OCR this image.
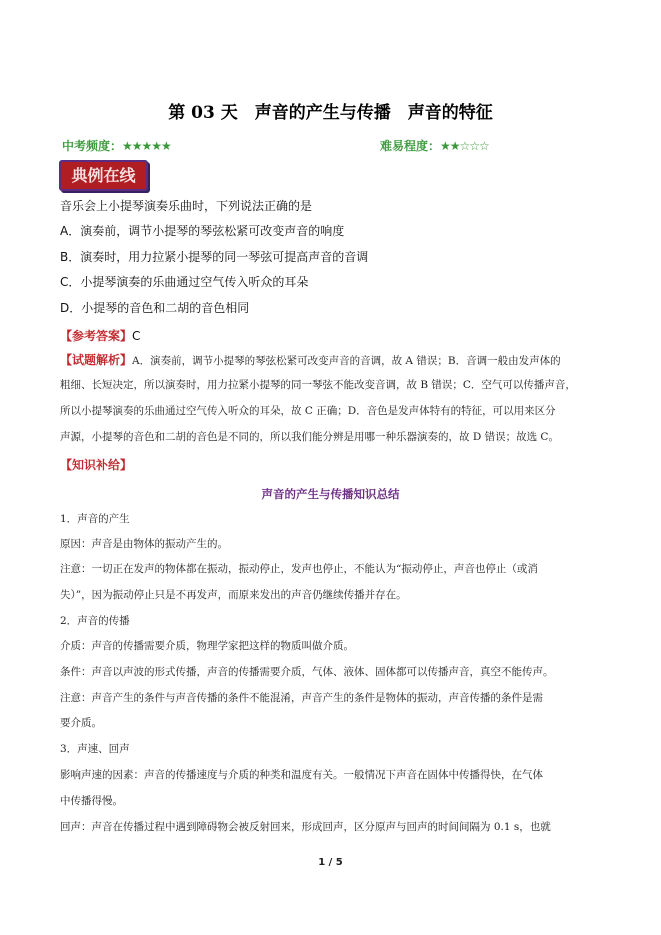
第 03 天　声音的产生与传播　声音的特征
中考频度：★★★★★	难易程度：★★☆☆☆
典例在线
音乐会上小提琴演奏乐曲时，下列说法正确的是
A．演奏前，调节小提琴的琴弦松紧可改变声音的响度
B．演奏时，用力拉紧小提琴的同一琴弦可提高声音的音调
C．小提琴演奏的乐曲通过空气传入听众的耳朵
D．小提琴的音色和二胡的音色相同
【参考答案】C
【试题解析】A．演奏前，调节小提琴的琴弦松紧可改变声音的音调，故 A 错误；B．音调一般由发声体的
粗细、长短决定，所以演奏时，用力拉紧小提琴的同一琴弦不能改变音调，故 B 错误；C．空气可以传播声音，
所以小提琴演奏的乐曲通过空气传入听众的耳朵，故 C 正确；D．音色是发声体特有的特征，可以用来区分
声源，小提琴的音色和二胡的音色是不同的，所以我们能分辨是用哪一种乐器演奏的，故 D 错误；故选 C。
【知识补给】
声音的产生与传播知识总结
1．声音的产生
原因：声音是由物体的振动产生的。
注意：一切正在发声的物体都在振动，振动停止，发声也停止，不能认为“振动停止，声音也停止（或消
失）”，因为振动停止只是不再发声，而原来发出的声音仍继续传播并存在。
2．声音的传播
介质：声音的传播需要介质，物理学家把这样的物质叫做介质。
条件：声音以声波的形式传播，声音的传播需要介质，气体、液体、固体都可以传播声音，真空不能传声。
注意：声音产生的条件与声音传播的条件不能混淆，声音产生的条件是物体的振动，声音传播的条件是需
要介质。
3．声速、回声
影响声速的因素：声音的传播速度与介质的种类和温度有关。一般情况下声音在固体中传播得快，在气体
中传播得慢。
回声：声音在传播过程中遇到障碍物会被反射回来，形成回声，区分原声与回声的时间间隔为 0.1 s，也就
1 / 5
